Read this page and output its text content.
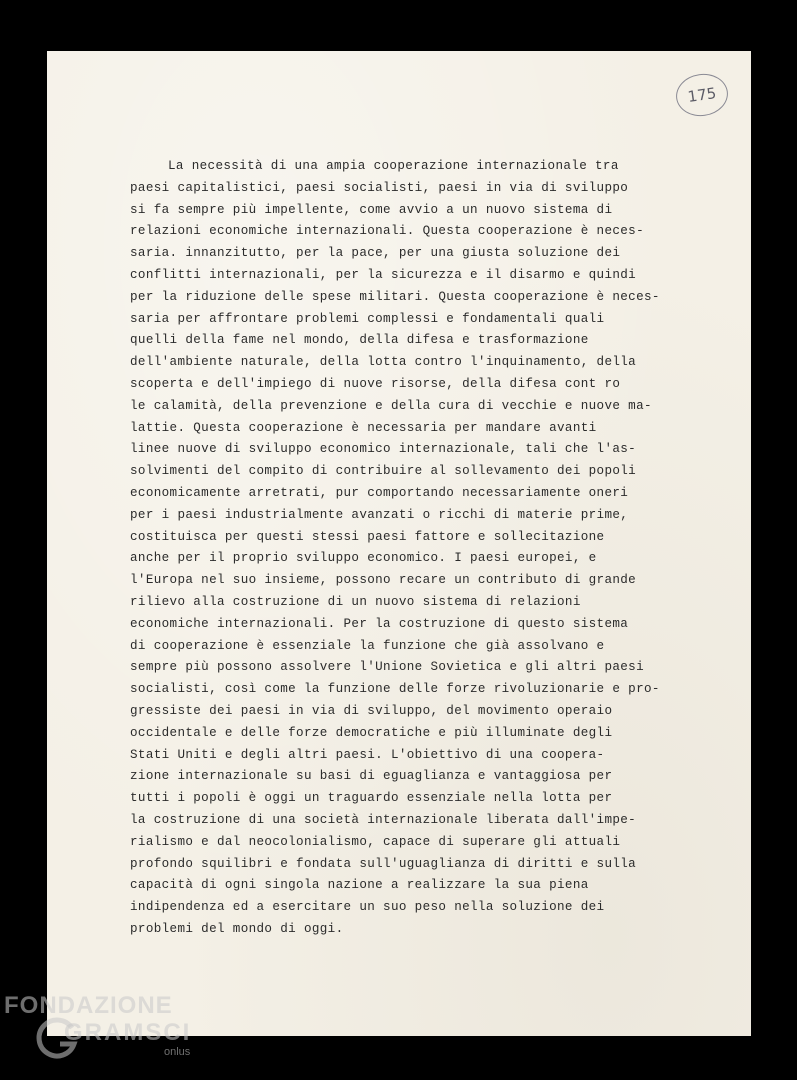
175
La necessità di una ampia cooperazione internazionale tra
paesi capitalistici, paesi socialisti, paesi in via di sviluppo
si fa sempre più impellente, come avvio a un nuovo sistema di
relazioni economiche internazionali. Questa cooperazione è neces-
saria. innanzitutto, per la pace, per una giusta soluzione dei
conflitti internazionali, per la sicurezza e il disarmo e quindi
per la riduzione delle spese militari. Questa cooperazione è neces-
saria per affrontare problemi complessi e fondamentali quali
quelli della fame nel mondo, della difesa e trasformazione
dell'ambiente naturale, della lotta contro l'inquinamento, della
scoperta e dell'impiego di nuove risorse, della difesa cont ro
le calamità, della prevenzione e della cura di vecchie e nuove ma-
lattie. Questa cooperazione è necessaria per mandare avanti
linee nuove di sviluppo economico internazionale, tali che l'as-
solvimenti del compito di contribuire al sollevamento dei popoli
economicamente arretrati, pur comportando necessariamente oneri
per i paesi industrialmente avanzati o ricchi di materie prime,
costituisca per questi stessi paesi fattore e sollecitazione
anche per il proprio sviluppo economico. I paesi europei, e
l'Europa nel suo insieme, possono recare un contributo di grande
rilievo alla costruzione di un nuovo sistema di relazioni
economiche internazionali. Per la costruzione di questo sistema
di cooperazione è essenziale la funzione che già assolvano e
sempre più possono assolvere l'Unione Sovietica e gli altri paesi
socialisti, così come la funzione delle forze rivoluzionarie e pro-
gressiste dei paesi in via di sviluppo, del movimento operaio
occidentale e delle forze democratiche e più illuminate degli
Stati Uniti e degli altri paesi. L'obiettivo di una coopera-
zione internazionale su basi di eguaglianza e vantaggiosa per
tutti i popoli è oggi un traguardo essenziale nella lotta per
la costruzione di una società internazionale liberata dall'impe-
rialismo e dal neocolonialismo, capace di superare gli attuali
profondo squilibri e fondata sull'uguaglianza di diritti e sulla
capacità di ogni singola nazione a realizzare la sua piena
indipendenza ed a esercitare un suo peso nella soluzione dei
problemi del mondo di oggi.
FONDAZIONE
GRAMSCI
onlus
